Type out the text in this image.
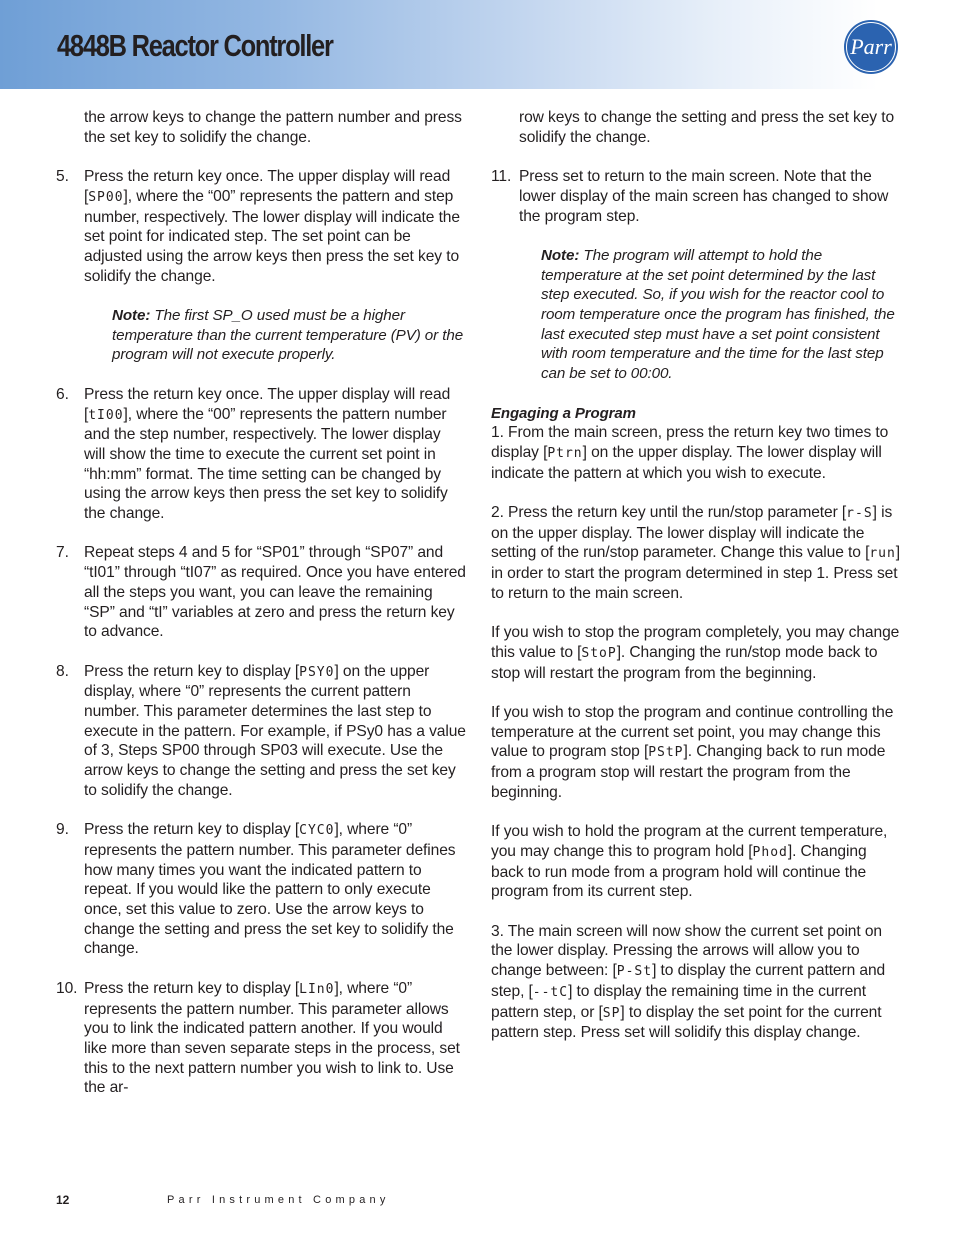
4848B Reactor Controller	Parr

the arrow keys to change the pattern number and press the set key to solidify the change.

5. Press the return key once. The upper display will read [SP00], where the “00” represents the pattern and step number, respectively. The lower display will indicate the set point for indicated step. The set point can be adjusted using the arrow keys then press the set key to solidify the change.

Note: The first SP_O used must be a higher temperature than the current temperature (PV) or the program will not execute properly.

6. Press the return key once. The upper display will read [tI00], where the “00” represents the pattern number and the step number, respectively. The lower display will show the time to execute the current set point in “hh:mm” format. The time setting can be changed by using the arrow keys then press the set key to solidify the change.
7. Repeat steps 4 and 5 for “SP01” through “SP07” and “tI01” through “tI07” as required. Once you have entered all the steps you want, you can leave the remaining “SP” and “tI” variables at zero and press the return key to advance.
8. Press the return key to display [PSY0] on the upper display, where “0” represents the current pattern number. This parameter determines the last step to execute in the pattern. For example, if PSy0 has a value of 3, Steps SP00 through SP03 will execute. Use the arrow keys to change the setting and press the set key to solidify the change.
9. Press the return key to display [CYC0], where “0” represents the pattern number. This parameter defines how many times you want the indicated pattern to repeat. If you would like the pattern to only execute once, set this value to zero. Use the arrow keys to change the setting and press the set key to solidify the change.
10. Press the return key to display [LIn0], where “0” represents the pattern number. This parameter allows you to link the indicated pattern another. If you would like more than seven separate steps in the process, set this to the next pattern number you wish to link to. Use the ar-

row keys to change the setting and press the set key to solidify the change.

11. Press set to return to the main screen. Note that the lower display of the main screen has changed to show the program step.

Note: The program will attempt to hold the temperature at the set point determined by the last step executed. So, if you wish for the reactor cool to room temperature once the program has finished, the last executed step must have a set point consistent with room temperature and the time for the last step can be set to 00:00.

Engaging a Program

1. From the main screen, press the return key two times to display [Ptrn] on the upper display. The lower display will indicate the pattern at which you wish to execute.

2. Press the return key until the run/stop parameter [r-S] is on the upper display. The lower display will indicate the setting of the run/stop parameter. Change this value to [run] in order to start the program determined in step 1. Press set to return to the main screen.

If you wish to stop the program completely, you may change this value to [StoP]. Changing the run/stop mode back to stop will restart the program from the beginning.

If you wish to stop the program and continue controlling the temperature at the current set point, you may change this value to program stop [PStP]. Changing back to run mode from a program stop will restart the program from the beginning.

If you wish to hold the program at the current temperature, you may change this to program hold [Phod]. Changing back to run mode from a program hold will continue the program from its current step.

3. The main screen will now show the current set point on the lower display. Pressing the arrows will allow you to change between: [P-St] to display the current pattern and step, [--tC] to display the remaining time in the current pattern step, or [SP] to display the set point for the current pattern step. Press set will solidify this display change.

12	Parr Instrument Company
